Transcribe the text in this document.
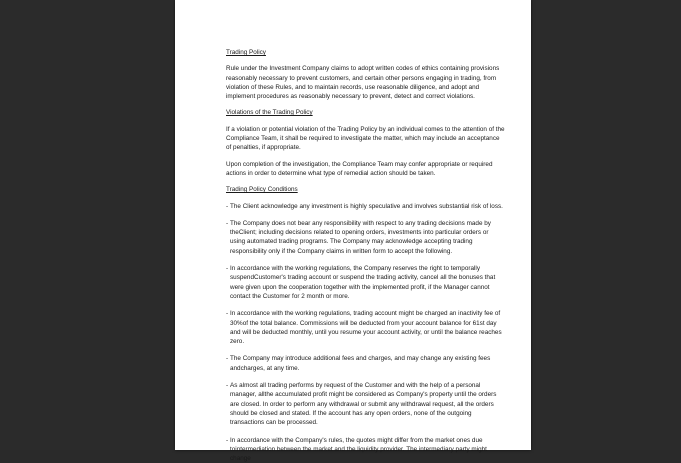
Trading Policy

Rule under the Investment Company claims to adopt written codes of ethics containing provisions reasonably necessary to prevent customers, and certain other persons engaging in trading, from violation of these Rules, and to maintain records, use reasonable diligence, and adopt and implement procedures as reasonably necessary to prevent, detect and correct violations.

Violations of the Trading Policy

If a violation or potential violation of the Trading Policy by an individual comes to the attention of the Compliance Team, it shall be required to investigate the matter, which may include an acceptance of penalties, if appropriate.

Upon completion of the investigation, the Compliance Team may confer appropriate or required actions in order to determine what type of remedial action should be taken.

Trading Policy Conditions

- The Client acknowledge any investment is highly speculative and involves substantial risk of loss.
- The Company does not bear any responsibility with respect to any trading decisions made by theClient; including decisions related to opening orders, investments into particular orders or using automated trading programs. The Company may acknowledge accepting trading responsibility only if the Company claims in written form to accept the following.
- In accordance with the working regulations, the Company reserves the right to temporally suspendCustomer's trading account or suspend the trading activity, cancel all the bonuses that were given upon the cooperation together with the implemented profit, if the Manager cannot contact the Customer for 2 month or more.
- In accordance with the working regulations, trading account might be charged an inactivity fee of 30%of the total balance. Commissions will be deducted from your account balance for 61st day and will be deducted monthly, until you resume your account activity, or until the balance reaches zero.
- The Company may introduce additional fees and charges, and may change any existing fees andcharges, at any time.
- As almost all trading performs by request of the Customer and with the help of a personal manager, allthe accumulated profit might be considered as Company's property until the orders are closed. In order to perform any withdrawal or submit any withdrawal request, all the orders should be closed and stated. If the account has any open orders, none of the outgoing transactions can be processed.
- In accordance with the Company's rules, the quotes might differ from the market ones due tointermediation between the market and the liquidity provider. The intermediary party might change
